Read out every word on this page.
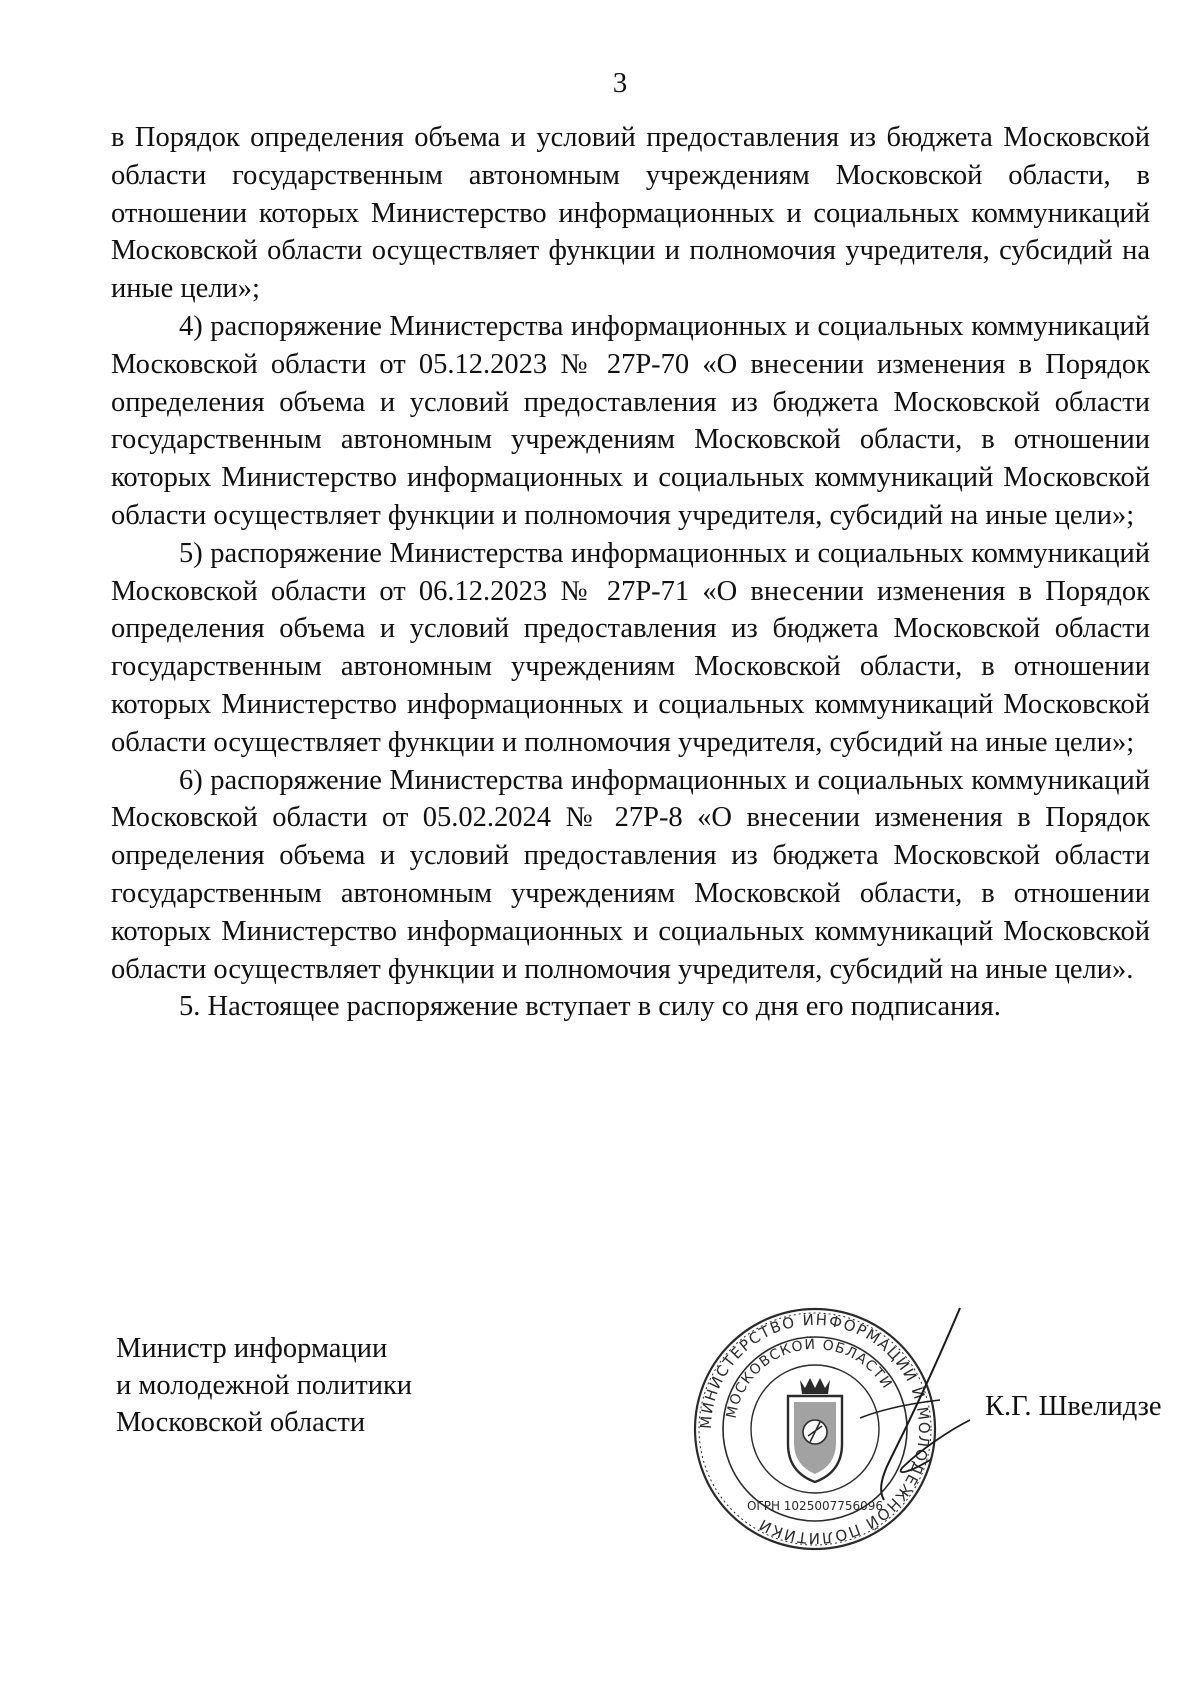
3

в Порядок определения объема и условий предоставления из бюджета Московской области государственным автономным учреждениям Московской области, в отношении которых Министерство информационных и социальных коммуникаций Московской области осуществляет функции и полномочия учредителя, субсидий на иные цели»;

4) распоряжение Министерства информационных и социальных коммуникаций Московской области от 05.12.2023 № 27Р-70 «О внесении изменения в Порядок определения объема и условий предоставления из бюджета Московской области государственным автономным учреждениям Московской области, в отношении которых Министерство информационных и социальных коммуникаций Московской области осуществляет функции и полномочия учредителя, субсидий на иные цели»;

5) распоряжение Министерства информационных и социальных коммуникаций Московской области от 06.12.2023 № 27Р-71 «О внесении изменения в Порядок определения объема и условий предоставления из бюджета Московской области государственным автономным учреждениям Московской области, в отношении которых Министерство информационных и социальных коммуникаций Московской области осуществляет функции и полномочия учредителя, субсидий на иные цели»;

6) распоряжение Министерства информационных и социальных коммуникаций Московской области от 05.02.2024 № 27Р-8 «О внесении изменения в Порядок определения объема и условий предоставления из бюджета Московской области государственным автономным учреждениям Московской области, в отношении которых Министерство информационных и социальных коммуникаций Московской области осуществляет функции и полномочия учредителя, субсидий на иные цели».

5. Настоящее распоряжение вступает в силу со дня его подписания.

Министр информации
и молодежной политики
Московской области	МИНИСТЕРСТВО ИНФОРМАЦИИ И МОЛОДЕЖНОЙ ПОЛИТИКИ
МОСКОВСКОЙ ОБЛАСТИ
ОГРН 1025007756096
К.Г. Швелидзе
